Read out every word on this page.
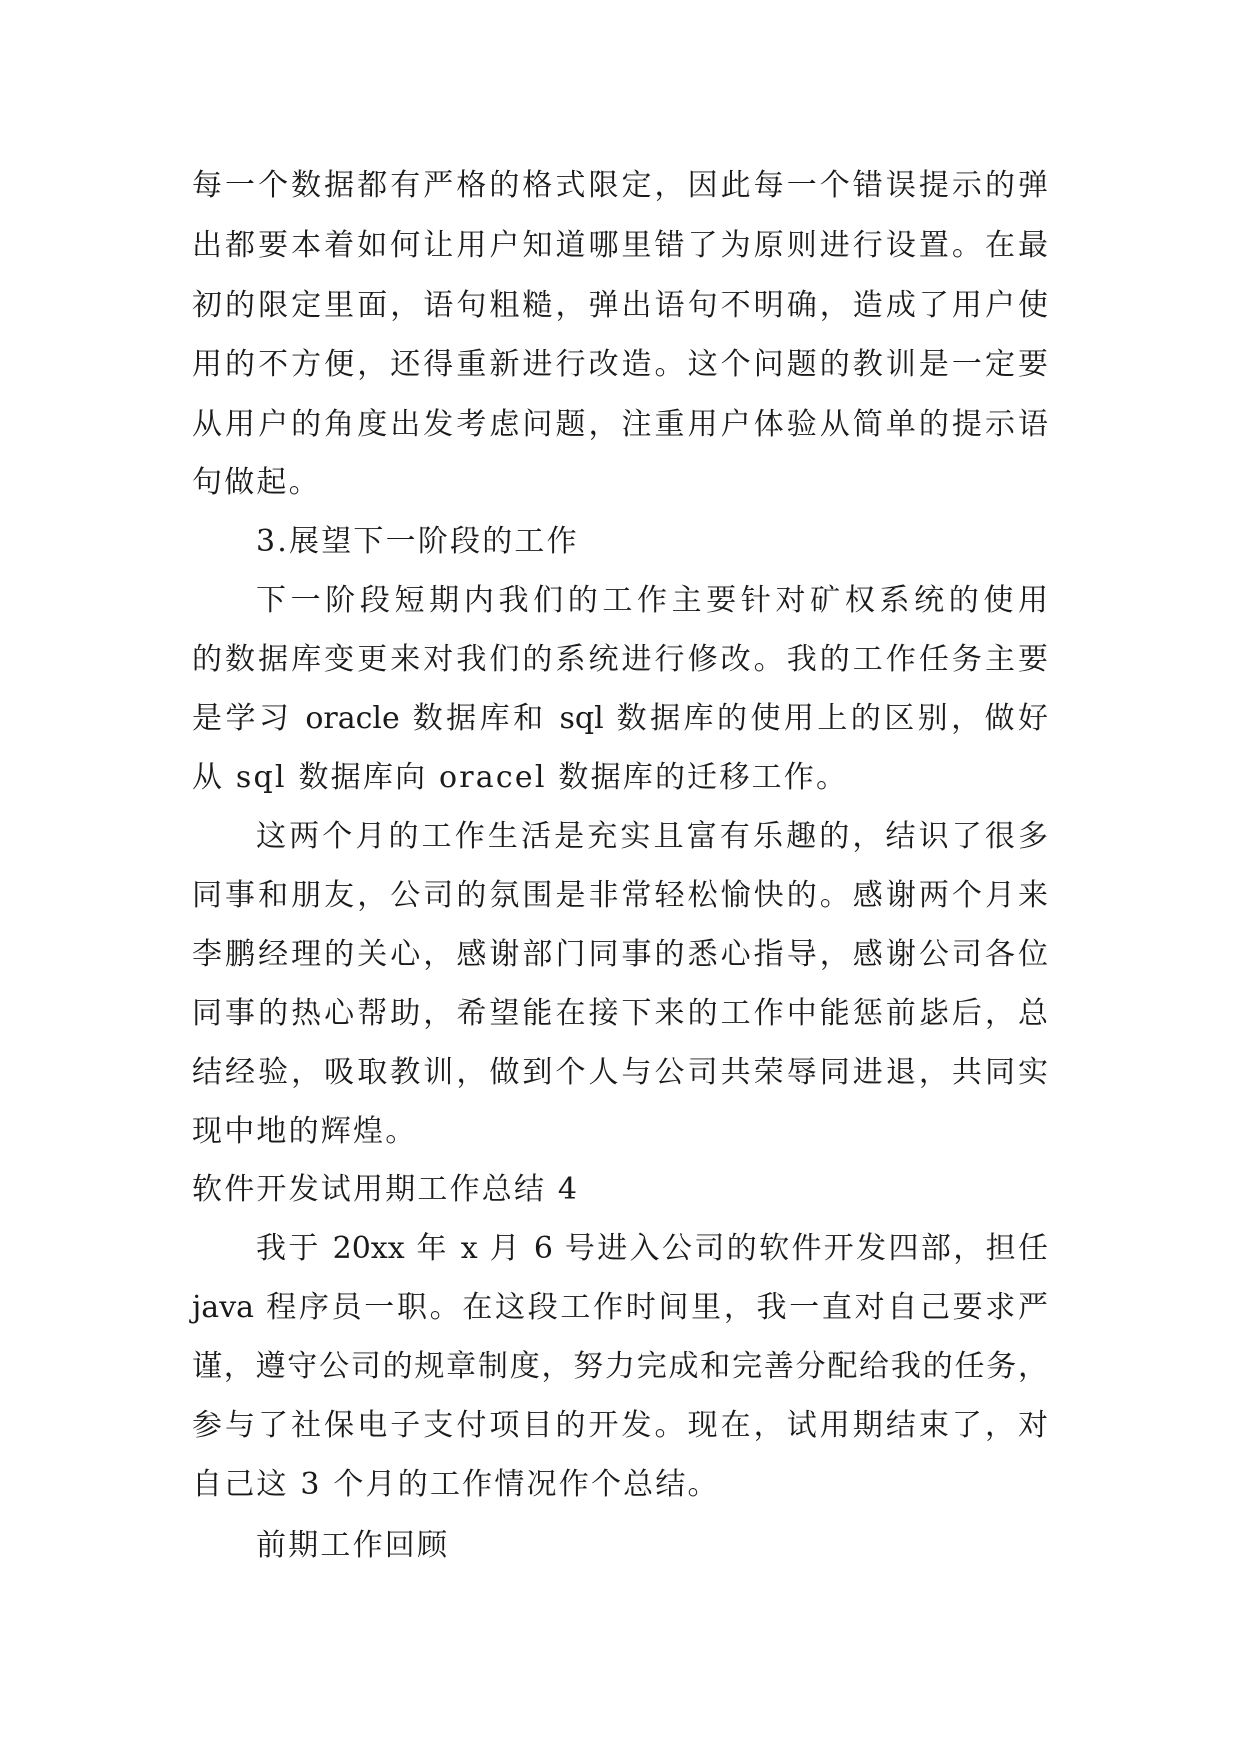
每一个数据都有严格的格式限定，因此每一个错误提示的弹
出都要本着如何让用户知道哪里错了为原则进行设置。在最
初的限定里面，语句粗糙，弹出语句不明确，造成了用户使
用的不方便，还得重新进行改造。这个问题的教训是一定要
从用户的角度出发考虑问题，注重用户体验从简单的提示语
句做起。
3.展望下一阶段的工作
下一阶段短期内我们的工作主要针对矿权系统的使用
的数据库变更来对我们的系统进行修改。我的工作任务主要
是学习 oracle 数据库和 sql 数据库的使用上的区别，做好
从 sql 数据库向 oracel 数据库的迁移工作。
这两个月的工作生活是充实且富有乐趣的，结识了很多
同事和朋友，公司的氛围是非常轻松愉快的。感谢两个月来
李鹏经理的关心，感谢部门同事的悉心指导，感谢公司各位
同事的热心帮助，希望能在接下来的工作中能惩前毖后，总
结经验，吸取教训，做到个人与公司共荣辱同进退，共同实
现中地的辉煌。
软件开发试用期工作总结 4
我于 20xx 年 x 月 6 号进入公司的软件开发四部，担任
java 程序员一职。在这段工作时间里，我一直对自己要求严
谨，遵守公司的规章制度，努力完成和完善分配给我的任务，
参与了社保电子支付项目的开发。现在，试用期结束了，对
自己这 3 个月的工作情况作个总结。
前期工作回顾
